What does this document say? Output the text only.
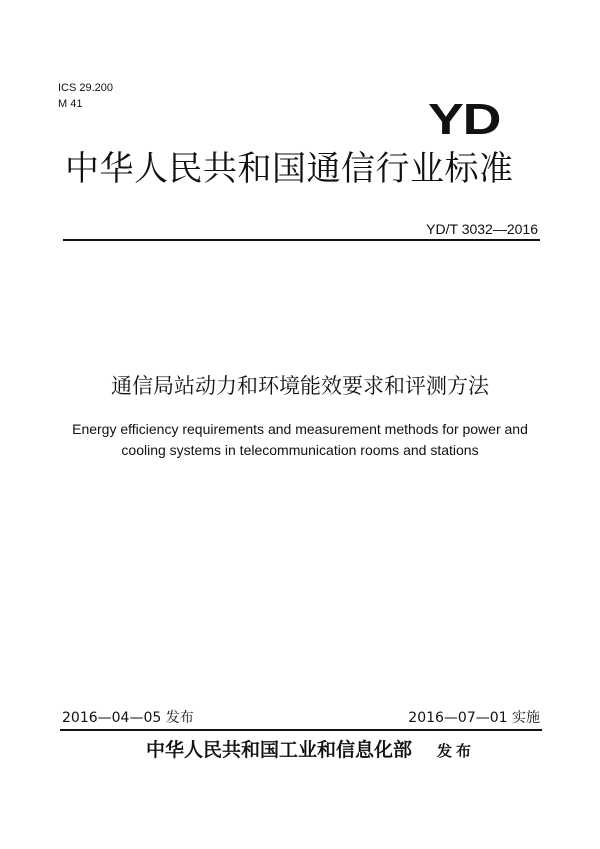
ICS 29.200
M 41	YD
中华人民共和国通信行业标准
YD/T 3032—2016
通信局站动力和环境能效要求和评测方法
Energy efficiency requirements and measurement methods for power and
cooling systems in telecommunication rooms and stations
2016—04—05 发布	2016—07—01 实施
中华人民共和国工业和信息化部 发布
